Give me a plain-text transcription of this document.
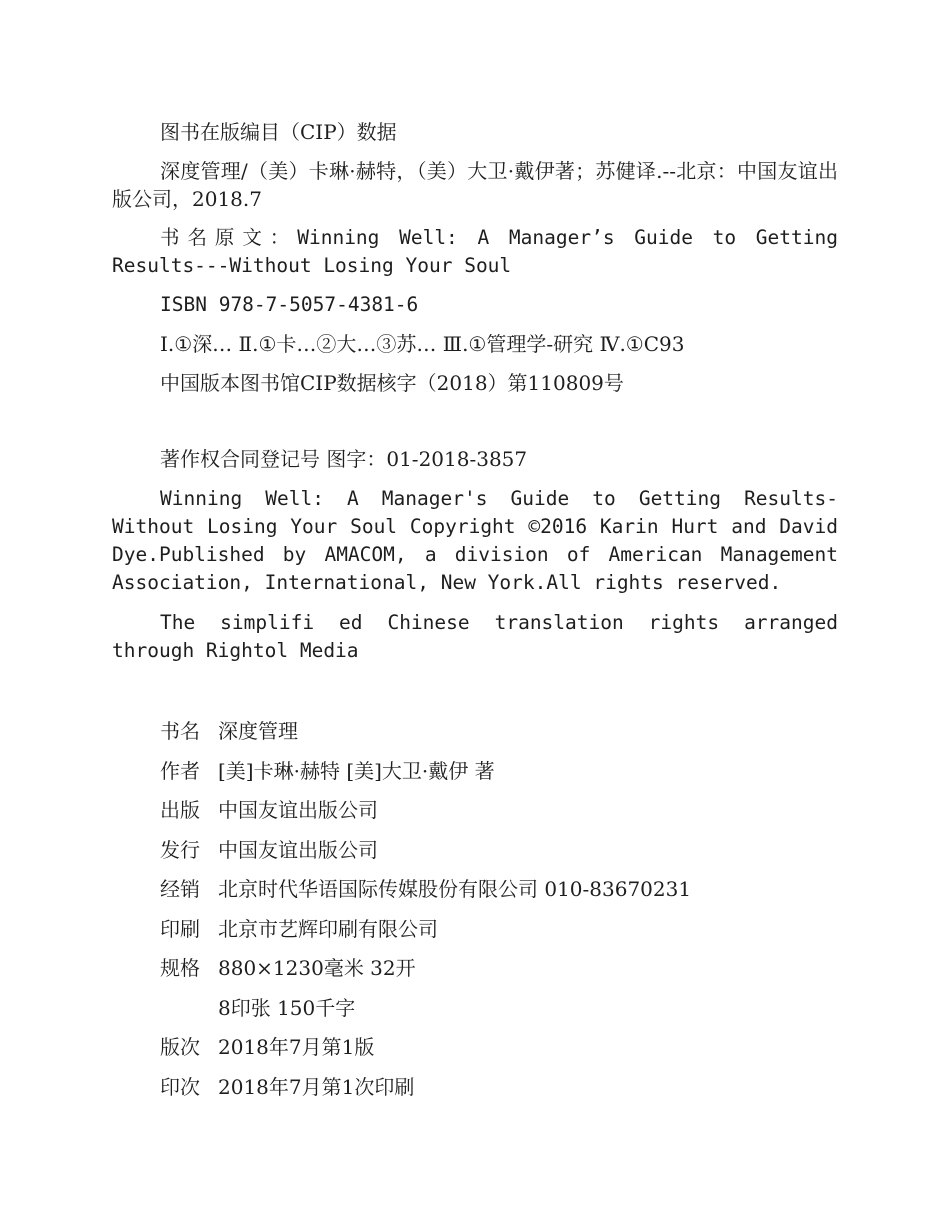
图书在版编目（CIP）数据

深度管理/（美）卡琳·赫特，（美）大卫·戴伊著；苏健译.--北京：中国友谊出版公司，2018.7

书名原文：Winning Well: A Manager’s Guide to Getting Results---Without Losing Your Soul

ISBN 978-7-5057-4381-6

Ⅰ.①深… Ⅱ.①卡…②大…③苏… Ⅲ.①管理学-研究 Ⅳ.①C93

中国版本图书馆CIP数据核字（2018）第110809号

著作权合同登记号 图字：01-2018-3857

Winning Well: A Manager's Guide to Getting Results-Without Losing Your Soul Copyright ©2016 Karin Hurt and David Dye.Published by AMACOM, a division of American Management Association, International, New York.All rights reserved.

The simplifi ed Chinese translation rights arranged through Rightol Media

书名 深度管理
作者 [美]卡琳·赫特 [美]大卫·戴伊 著
出版 中国友谊出版公司
发行 中国友谊出版公司
经销 北京时代华语国际传媒股份有限公司 010-83670231
印刷 北京市艺辉印刷有限公司
规格 880×1230毫米 32开
8印张 150千字
版次 2018年7月第1版
印次 2018年7月第1次印刷
